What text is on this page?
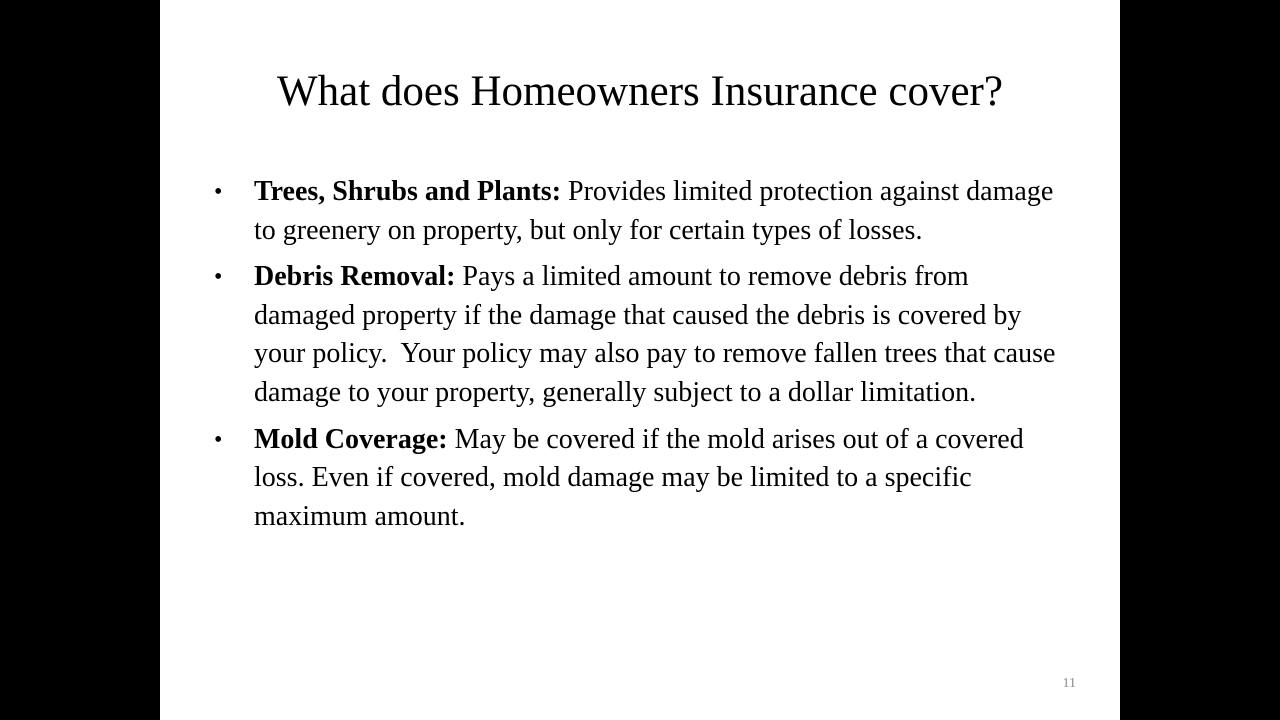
What does Homeowners Insurance cover?
•	Trees, Shrubs and Plants: Provides limited protection against damage to greenery on property, but only for certain types of losses.
•	Debris Removal: Pays a limited amount to remove debris from damaged property if the damage that caused the debris is covered by your policy.  Your policy may also pay to remove fallen trees that cause damage to your property, generally subject to a dollar limitation.
•	Mold Coverage: May be covered if the mold arises out of a covered loss. Even if covered, mold damage may be limited to a specific maximum amount.
11
